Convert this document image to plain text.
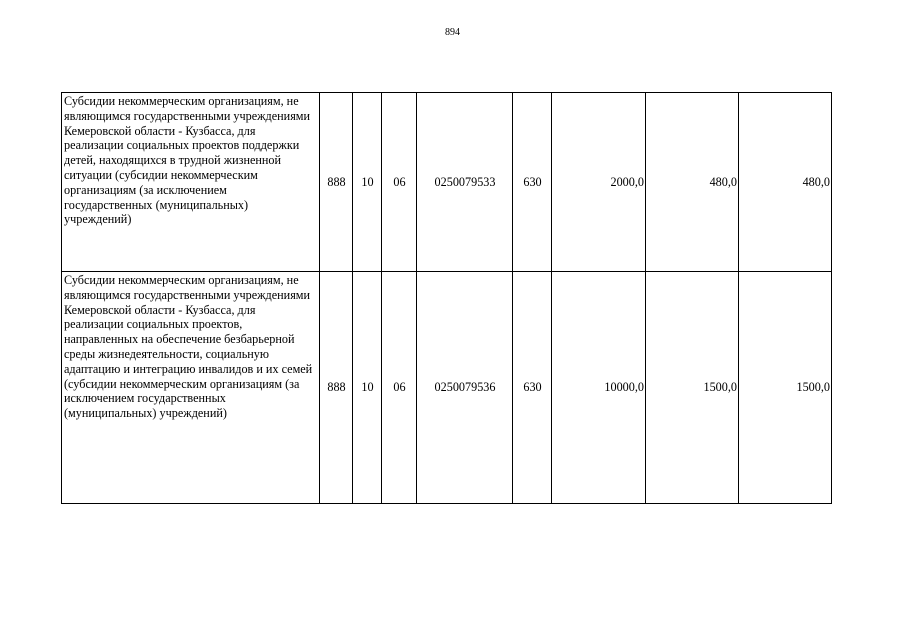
894
Субсидии некоммерческим организациям, не являющимся государственными учреждениями Кемеровской области - Кузбасса, для реализации социальных проектов поддержки детей, находящихся в трудной жизненной ситуации (субсидии некоммерческим организациям (за исключением государственных (муниципальных) учреждений)	888	10	06	0250079533	630	2000,0	480,0	480,0
Субсидии некоммерческим организациям, не являющимся государственными учреждениями Кемеровской области - Кузбасса, для реализации социальных проектов, направленных на обеспечение безбарьерной среды жизнедеятельности, социальную адаптацию и интеграцию инвалидов и их семей (субсидии некоммерческим организациям (за исключением государственных (муниципальных) учреждений)	888	10	06	0250079536	630	10000,0	1500,0	1500,0
